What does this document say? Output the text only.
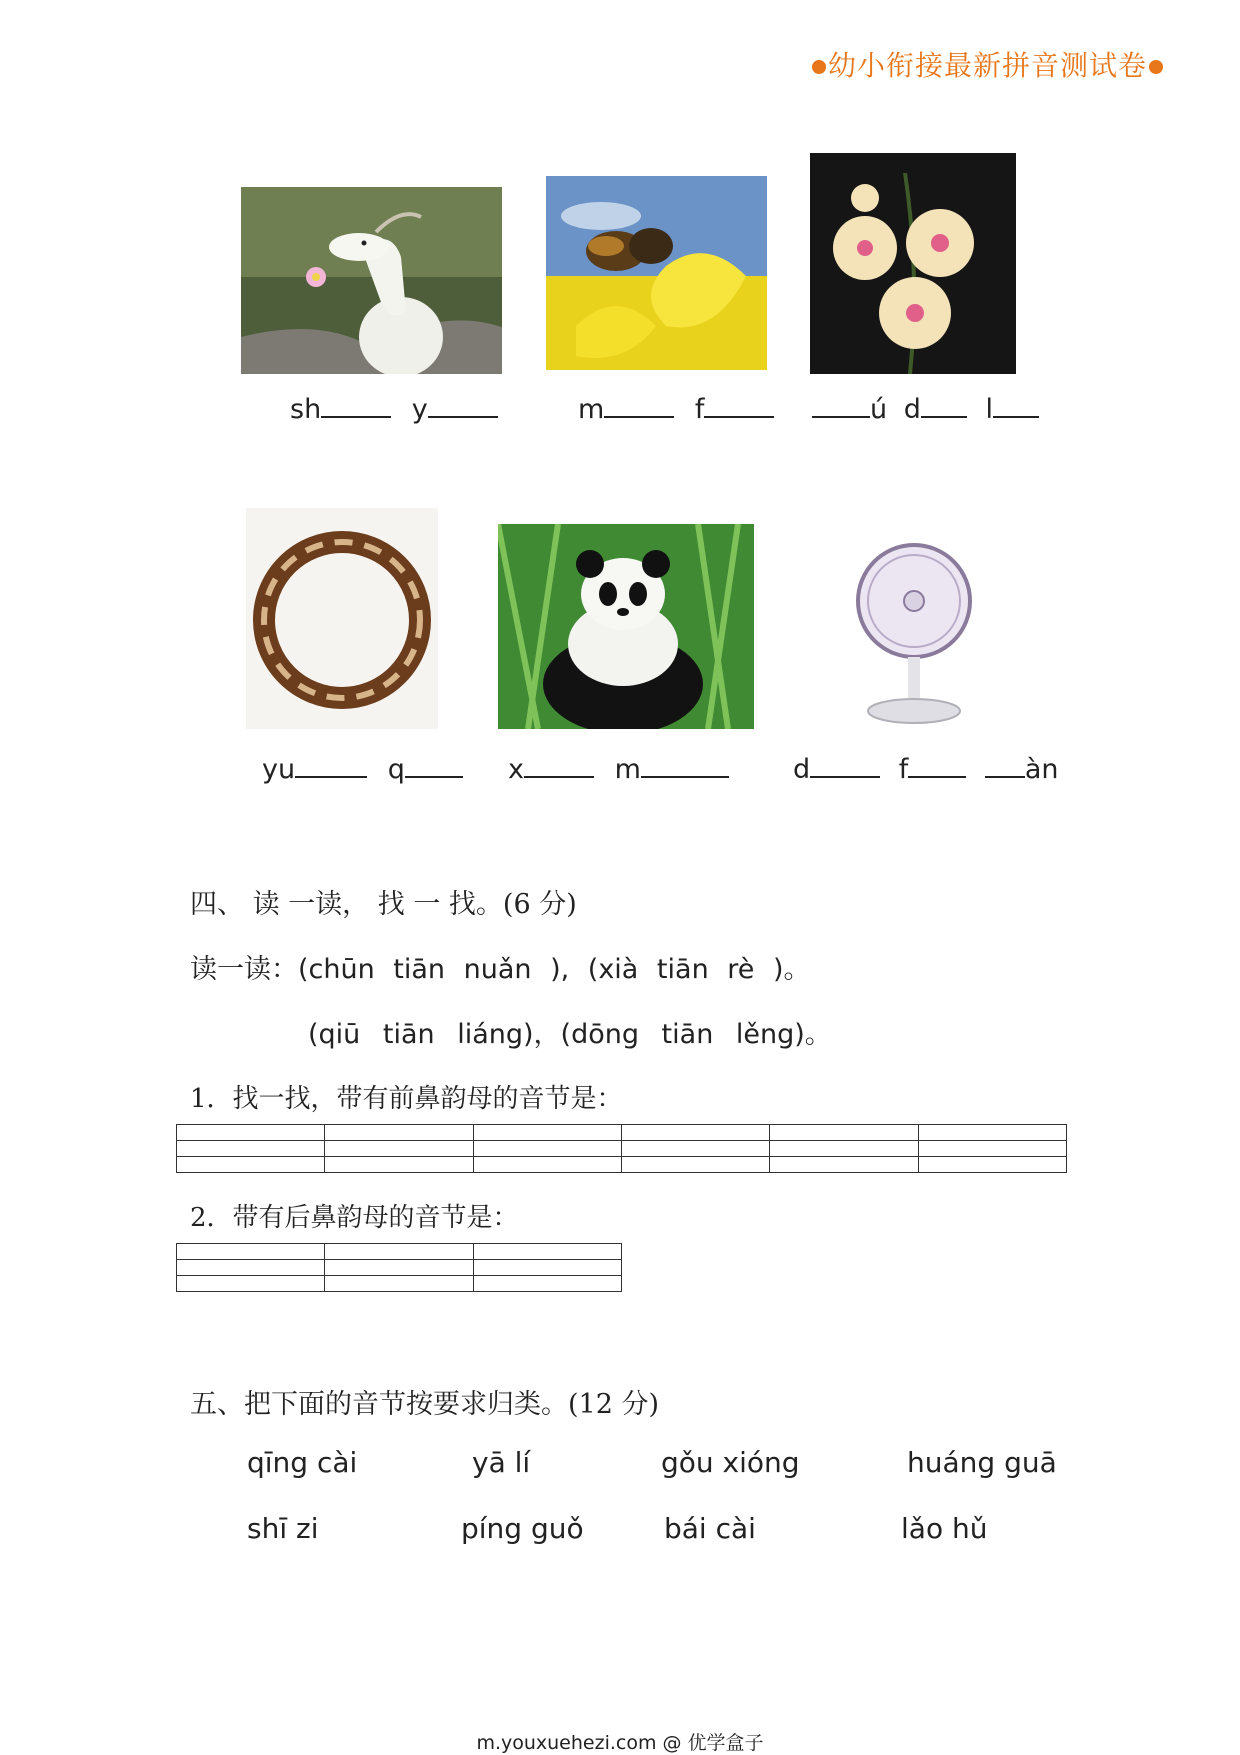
幼小衔接最新拼音测试卷
sh	y	m	f	ú d l
yu	q	x	m	d	f	àn
四、 读 一读， 找 一 找。(6 分)
读一读：(chūn tiān nuǎn ), (xià tiān rè )。
(qiū tiān liáng)，(dōng tiān lěng)。
1．找一找，带有前鼻韵母的音节是：

2．带有后鼻韵母的音节是：

五、把下面的音节按要求归类。(12 分)
qīng cài	yā lí	gǒu xióng	huáng guā
shī zi	píng guǒ	bái cài	lǎo hǔ
m.youxuehezi.com @ 优学盒子
